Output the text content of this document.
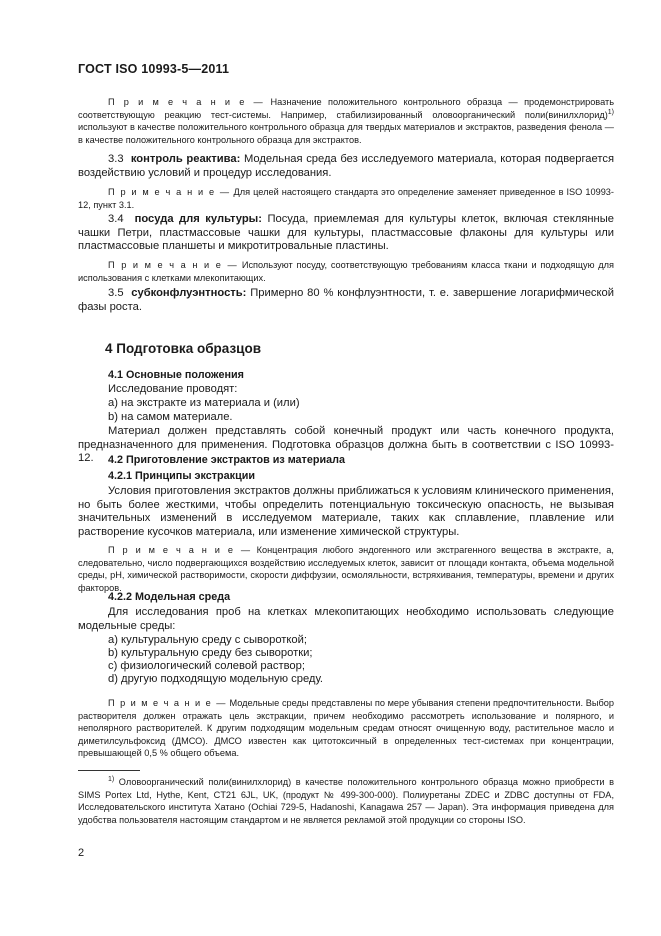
ГОСТ ISO 10993-5—2011
П р и м е ч а н и е — Назначение положительного контрольного образца — продемонстрировать соответствующую реакцию тест-системы. Например, стабилизированный оловоорганический поли(винилхлорид)$^{1)}$ используют в качестве положительного контрольного образца для твердых материалов и экстрактов, разведения фенола — в качестве положительного контрольного образца для экстрактов.
3.3 контроль реактива: Модельная среда без исследуемого материала, которая подвергается воздействию условий и процедур исследования.
П р и м е ч а н и е — Для целей настоящего стандарта это определение заменяет приведенное в ISO 10993-12, пункт 3.1.
3.4 посуда для культуры: Посуда, приемлемая для культуры клеток, включая стеклянные чашки Петри, пластмассовые чашки для культуры, пластмассовые флаконы для культуры или пластмассовые планшеты и микротитровальные пластины.
П р и м е ч а н и е — Используют посуду, соответствующую требованиям класса ткани и подходящую для использования с клетками млекопитающих.
3.5 субконфлуэнтность: Примерно 80 % конфлуэнтности, т. е. завершение логарифмической фазы роста.
4 Подготовка образцов
4.1 Основные положения
Исследование проводят:
а) на экстракте из материала и (или)
b) на самом материале.
Материал должен представлять собой конечный продукт или часть конечного продукта, предназначенного для применения. Подготовка образцов должна быть в соответствии с ISO 10993-12.	4.2 Приготовление экстрактов из материала
4.2.1 Принципы экстракции
Условия приготовления экстрактов должны приближаться к условиям клинического применения, но быть более жесткими, чтобы определить потенциальную токсическую опасность, не вызывая значительных изменений в исследуемом материале, таких как сплавление, плавление или растворение кусочков материала, или изменение химической структуры.
П р и м е ч а н и е — Концентрация любого эндогенного или экстрагенного вещества в экстракте, а, следовательно, число подвергающихся воздействию исследуемых клеток, зависит от площади контакта, объема модельной среды, pH, химической растворимости, скорости диффузии, осмоляльности, встряхивания, температуры, времени и других факторов.
4.2.2 Модельная среда
Для исследования проб на клетках млекопитающих необходимо использовать следующие модельные среды:
а) культуральную среду с сывороткой;
b) культуральную среду без сыворотки;
с) физиологический солевой раствор;
d) другую подходящую модельную среду.
П р и м е ч а н и е — Модельные среды представлены по мере убывания степени предпочтительности. Выбор растворителя должен отражать цель экстракции, причем необходимо рассмотреть использование и полярного, и неполярного растворителей. К другим подходящим модельным средам относят очищенную воду, растительное масло и диметилсульфоксид (ДМСО). ДМСО известен как цитотоксичный в определенных тест-системах при концентрации, превышающей 0,5 % общего объема.
$^{1)}$ Оловоорганический поли(винилхлорид) в качестве положительного контрольного образца можно приобрести в SIMS Portex Ltd, Hythe, Kent, CT21 6JL, UK, (продукт № 499-300-000). Полиуретаны ZDEC и ZDBC доступны от FDA, Исследовательского института Хатано (Ochiai 729-5, Hadanoshi, Kanagawa 257 — Japan). Эта информация приведена для удобства пользователя настоящим стандартом и не является рекламой этой продукции со стороны ISO.
2
